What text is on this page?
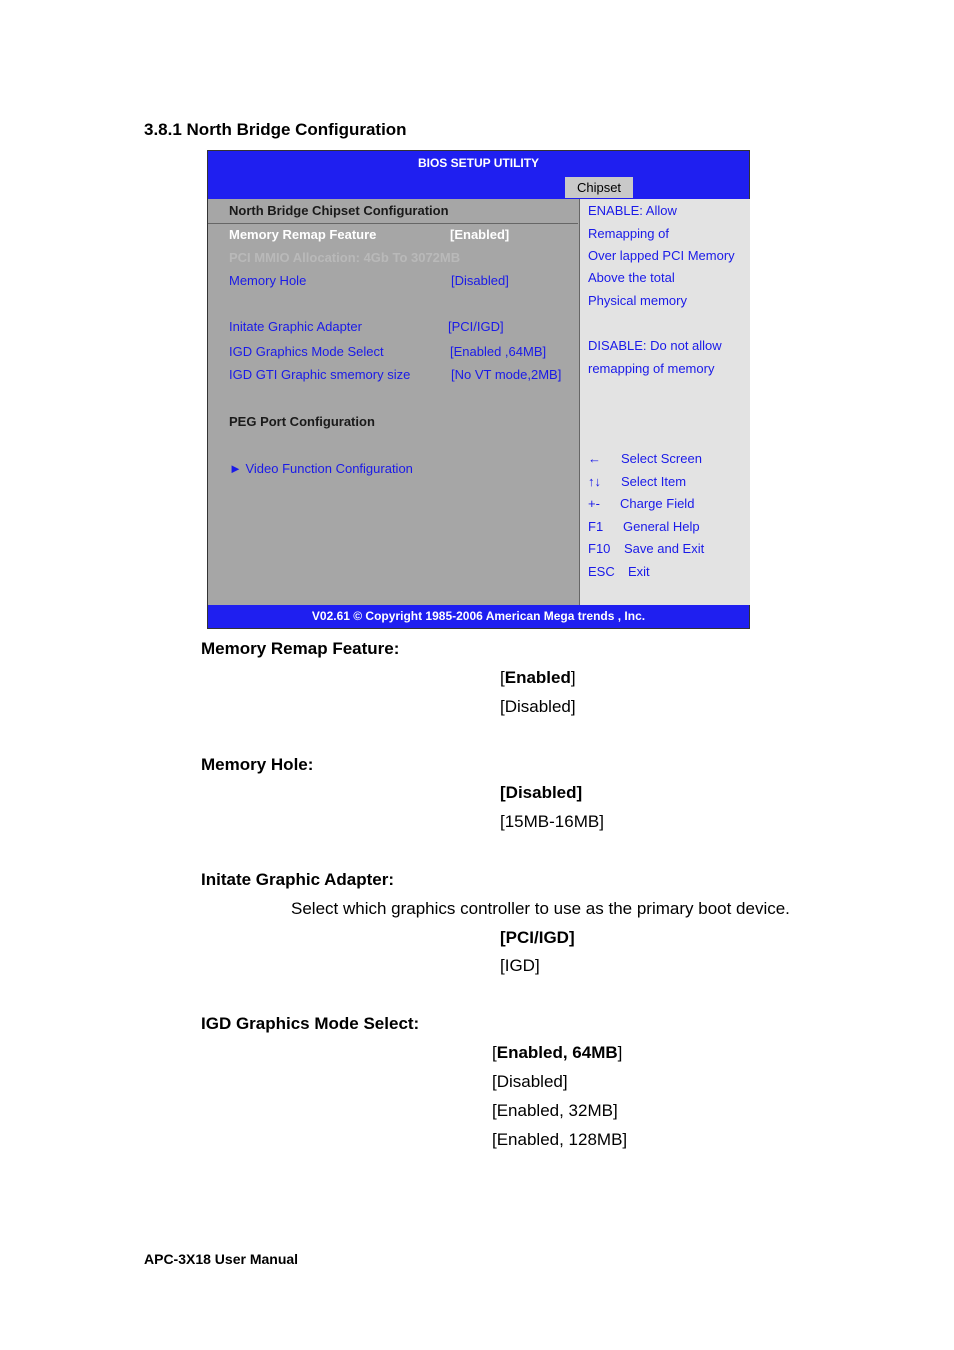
3.8.1 North Bridge Configuration
BIOS SETUP UTILITY
Chipset
North Bridge Chipset Configuration
Memory Remap Feature	[Enabled]
PCI MMIO Allocation: 4Gb To 3072MB
Memory Hole	[Disabled]
Initate Graphic Adapter	[PCI/IGD]
IGD Graphics Mode Select	[Enabled ,64MB]
IGD GTI Graphic smemory size	[No VT mode,2MB]
PEG Port Configuration
► Video Function Configuration
ENABLE: Allow
Remapping of
Over lapped PCI Memory
Above the total
Physical memory
DISABLE: Do not allow
remapping of memory
← Select Screen
↑↓ Select Item
+- Charge Field
F1 General Help
F10 Save and Exit
ESC Exit
V02.61 © Copyright 1985-2006 American Mega trends , Inc.
Memory Remap Feature:
[Enabled]
[Disabled]
Memory Hole:
[Disabled]
[15MB-16MB]
Initate Graphic Adapter:
Select which graphics controller to use as the primary boot device.
[PCI/IGD]
[IGD]
IGD Graphics Mode Select:
[Enabled, 64MB]
[Disabled]
[Enabled, 32MB]
[Enabled, 128MB]
APC-3X18 User Manual
